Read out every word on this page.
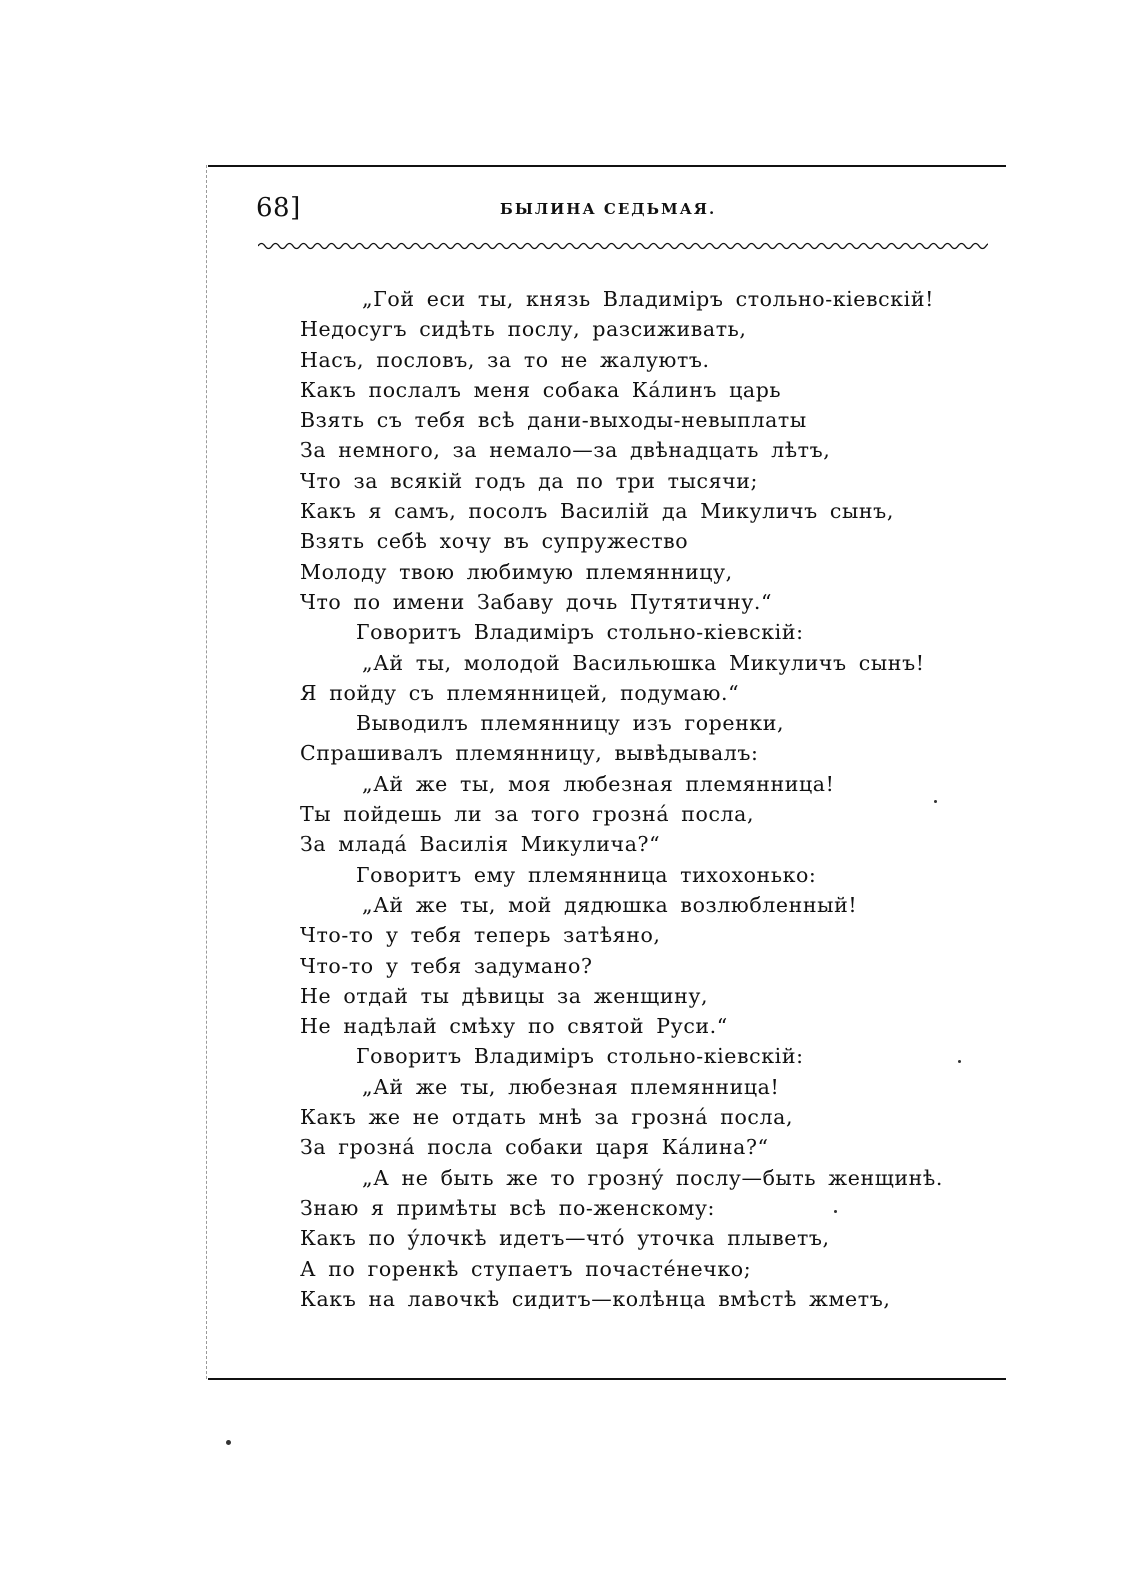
68]	БЫЛИНА СЕДЬМАЯ.
„Гой еси ты, князь Владиміръ стольно-кіевскій!
Недосугъ сидѣть послу, разсиживать,
Насъ, пословъ, за то не жалуютъ.
Какъ послалъ меня собака Кáлинъ царь
Взять съ тебя всѣ дани-выходы-невыплаты
За немного, за немало—за двѣнадцать лѣтъ,
Что за всякій годъ да по три тысячи;
Какъ я самъ, посолъ Василій да Микуличъ сынъ,
Взять себѣ хочу въ супружество
Молоду твою любимую племянницу,
Что по имени Забаву дочь Путятичну.“
Говоритъ Владиміръ стольно-кіевскій:
„Ай ты, молодой Васильюшка Микуличъ сынъ!
Я пойду съ племянницей, подумаю.“
Выводилъ племянницу изъ горенки,
Спрашивалъ племянницу, вывѣдывалъ:
„Ай же ты, моя любезная племянница!
Ты пойдешь ли за того грознá посла,
За младá Василія Микулича?“
Говоритъ ему племянница тихохонько:
„Ай же ты, мой дядюшка возлюбленный!
Что-то у тебя теперь затѣяно,
Что-то у тебя задумано?
Не отдай ты дѣвицы за женщину,
Не надѣлай смѣху по святой Руси.“
Говоритъ Владиміръ стольно-кіевскій:
„Ай же ты, любезная племянница!
Какъ же не отдать мнѣ за грознá посла,
За грознá посла собаки царя Кáлина?“
„А не быть же то грознý послу—быть женщинѣ.
Знаю я примѣты всѣ по-женскому:
Какъ по ýлочкѣ идетъ—чтó уточка плыветъ,
А по горенкѣ ступаетъ почастéнечко;
Какъ на лавочкѣ сидитъ—колѣнца вмѣстѣ жметъ,
